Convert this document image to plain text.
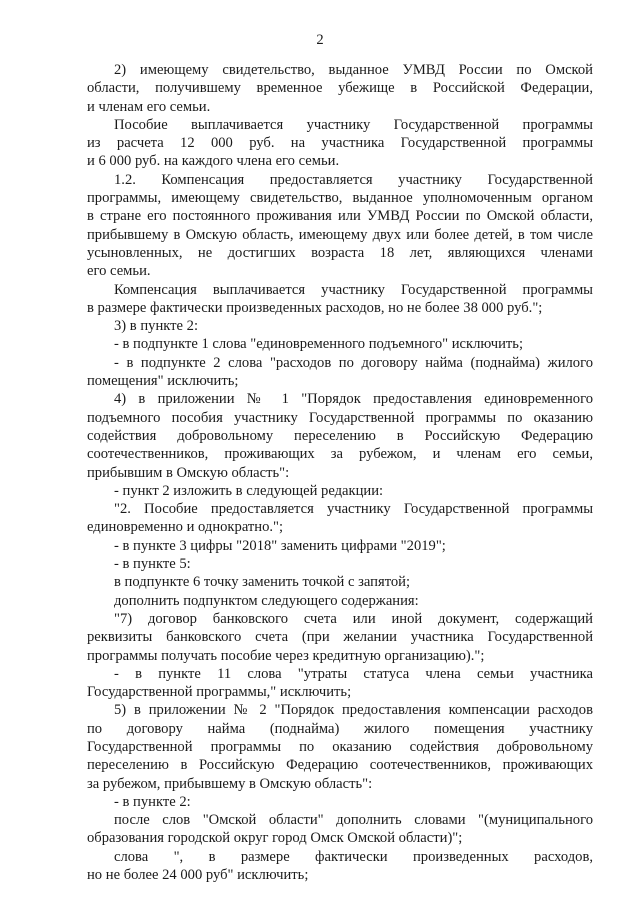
2
2) имеющему свидетельство, выданное УМВД России по Омской
области, получившему временное убежище в Российской Федерации,
и членам его семьи.
Пособие выплачивается участнику Государственной программы
из расчета 12 000 руб. на участника Государственной программы
и 6 000 руб. на каждого члена его семьи.
1.2. Компенсация предоставляется участнику Государственной
программы, имеющему свидетельство, выданное уполномоченным органом
в стране его постоянного проживания или УМВД России по Омской области,
прибывшему в Омскую область, имеющему двух или более детей, в том числе
усыновленных, не достигших возраста 18 лет, являющихся членами
его семьи.
Компенсация выплачивается участнику Государственной программы
в размере фактически произведенных расходов, но не более 38 000 руб.";
3) в пункте 2:
- в подпункте 1 слова "единовременного подъемного" исключить;
- в подпункте 2 слова "расходов по договору найма (поднайма) жилого
помещения" исключить;
4) в приложении № 1 "Порядок предоставления единовременного
подъемного пособия участнику Государственной программы по оказанию
содействия добровольному переселению в Российскую Федерацию
соотечественников, проживающих за рубежом, и членам его семьи,
прибывшим в Омскую область":
- пункт 2 изложить в следующей редакции:
"2. Пособие предоставляется участнику Государственной программы
единовременно и однократно.";
- в пункте 3 цифры "2018" заменить цифрами "2019";
- в пункте 5:
в подпункте 6 точку заменить точкой с запятой;
дополнить подпунктом следующего содержания:
"7) договор банковского счета или иной документ, содержащий
реквизиты банковского счета (при желании участника Государственной
программы получать пособие через кредитную организацию).";
- в пункте 11 слова "утраты статуса члена семьи участника
Государственной программы," исключить;
5) в приложении № 2 "Порядок предоставления компенсации расходов
по договору найма (поднайма) жилого помещения участнику
Государственной программы по оказанию содействия добровольному
переселению в Российскую Федерацию соотечественников, проживающих
за рубежом, прибывшему в Омскую область":
- в пункте 2:
после слов "Омской области" дополнить словами "(муниципального
образования городской округ город Омск Омской области)";
слова ", в размере фактически произведенных расходов,
но не более 24 000 руб" исключить;
